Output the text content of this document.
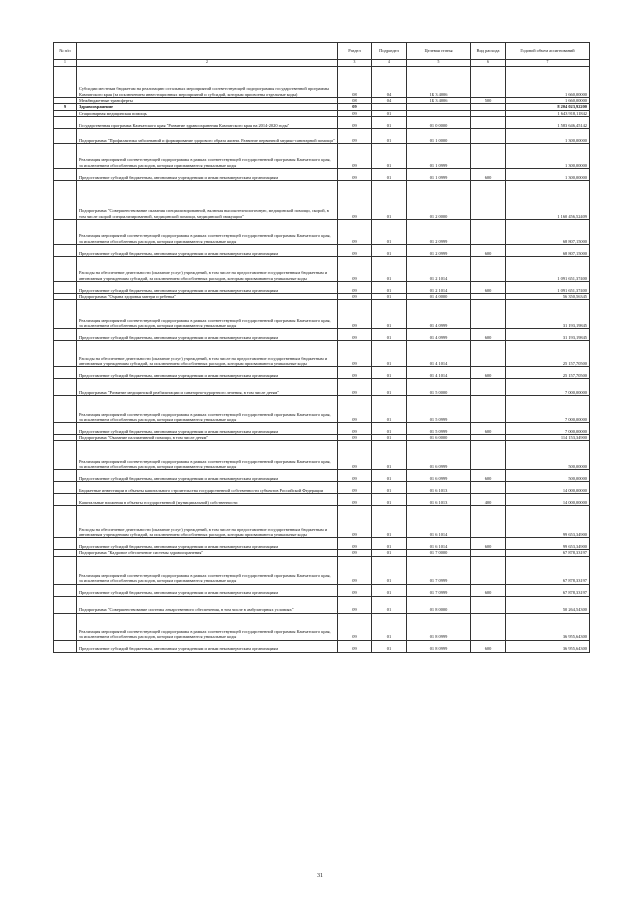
№ п/п		Раздел	Подраздел	Целевая статья	Вид расхода	Годовой объем ассигнований
1	2	3	4	5	6	7
	Субсидии местным бюджетам на реализацию остальных мероприятий соответствующей подпрограммы государственной программы Камчатского края (за исключением инвестиционных мероприятий и субсидий, которым присвоены отдельные коды)	08	04	1Б 3 4006		1 660,00000
	Межбюджетные трансферты	08	04	1Б 3 4006	500	1 660,00000
9	Здравоохранение	09				8 204 023,92200
	Стационарная медицинская помощь	09	01			1 643 918,11842
	Государственная программа Камчатского края "Развитие здравоохранения Камчатского края на 2014-2020 годы"	09	01	01 0 0000		1 583 646,45142
	Подпрограмма "Профилактика заболеваний и формирование здорового образа жизни. Развитие первичной медико-санитарной помощи"	09	01	01 1 0000		1 300,00000
	Реализация мероприятий соответствующей подпрограммы в рамках соответствующей государственной программы Камчатского края, за исключением обособленных расходов, которым присваиваются уникальные коды	09	01	01 1 0999		1 300,00000
	Предоставление субсидий бюджетным, автономным учреждениям и иным некоммерческим организациям	09	01	01 1 0999	600	1 300,00000
	Подпрограмма "Совершенствование оказания специализированной, включая высокотехнологичную, медицинской помощи, скорой, в том числе скорой специализированной, медицинской помощи, медицинской эвакуации"	09	01	01 2 0000		1 160 456,52409
	Реализация мероприятий соответствующей подпрограммы в рамках соответствующей государственной программы Камчатского края, за исключением обособленных расходов, которым присваиваются уникальные коды	09	01	01 2 0999		68 807,15000
	Предоставление субсидий бюджетным, автономным учреждениям и иным некоммерческим организациям	09	01	01 2 0999	600	68 807,15000
	Расходы на обеспечение деятельности (оказание услуг) учреждений, в том числе на предоставление государственным бюджетным и автономным учреждениям субсидий, за исключением обособленных расходов, которым присваиваются уникальные коды	09	01	01 2 1014		1 091 651,37400
	Предоставление субсидий бюджетным, автономным учреждениям и иным некоммерческим организациям	09	01	01 2 1014	600	1 091 651,37400
	Подпрограмма "Охрана здоровья матери и ребенка"	09	01	01 4 0000		56 350,56345
	Реализация мероприятий соответствующей подпрограммы в рамках соответствующей государственной программы Камчатского края, за исключением обособленных расходов, которым присваиваются уникальные коды	09	01	01 4 0999		31 193,19845
	Предоставление субсидий бюджетным, автономным учреждениям и иным некоммерческим организациям	09	01	01 4 0999	600	31 193,19845
	Расходы на обеспечение деятельности (оказание услуг) учреждений, в том числе на предоставление государственным бюджетным и автономным учреждениям субсидий, за исключением обособленных расходов, которым присваиваются уникальные коды	09	01	01 4 1014		25 157,70500
	Предоставление субсидий бюджетным, автономным учреждениям и иным некоммерческим организациям	09	01	01 4 1014	600	25 157,70500
	Подпрограмма "Развитие медицинской реабилитации и санаторно-курортного лечения, в том числе детям"	09	01	01 5 0000		7 000,00000
	Реализация мероприятий соответствующей подпрограммы в рамках соответствующей государственной программы Камчатского края, за исключением обособленных расходов, которым присваиваются уникальные коды	09	01	01 5 0999		7 000,00000
	Предоставление субсидий бюджетным, автономным учреждениям и иным некоммерческим организациям	09	01	01 5 0999	600	7 000,00000
	Подпрограмма "Оказание паллиативной помощи, в том числе детям"	09	01	01 6 0000		114 153,34900
	Реализация мероприятий соответствующей подпрограммы в рамках соответствующей государственной программы Камчатского края, за исключением обособленных расходов, которым присваиваются уникальные коды	09	01	01 6 0999		500,00000
	Предоставление субсидий бюджетным, автономным учреждениям и иным некоммерческим организациям	09	01	01 6 0999	600	500,00000
	Бюджетные инвестиции в объекты капитального строительства государственной собственности субъектов Российской Федерации	09	01	01 6 1013		14 000,00000
	Капитальные вложения в объекты государственной (муниципальной) собственности	09	01	01 6 1013	400	14 000,00000
	Расходы на обеспечение деятельности (оказание услуг) учреждений, в том числе на предоставление государственным бюджетным и автономным учреждениям субсидий, за исключением обособленных расходов, которым присваиваются уникальные коды	09	01	01 6 1014		99 653,34900
	Предоставление субсидий бюджетным, автономным учреждениям и иным некоммерческим организациям	09	01	01 6 1014	600	99 653,34900
	Подпрограмма "Кадровое обеспечение системы здравоохранения"	09	01	01 7 0000		67 878,33197
	Реализация мероприятий соответствующей подпрограммы в рамках соответствующей государственной программы Камчатского края, за исключением обособленных расходов, которым присваиваются уникальные коды	09	01	01 7 0999		67 878,33197
	Предоставление субсидий бюджетным, автономным учреждениям и иным некоммерческим организациям	09	01	01 7 0999	600	67 878,33197
	Подпрограмма "Совершенствование системы лекарственного обеспечения, в том числе в амбулаторных условиях"	09	01	01 8 0000		50 264,54300
	Реализация мероприятий соответствующей подпрограммы в рамках соответствующей государственной программы Камчатского края, за исключением обособленных расходов, которым присваиваются уникальные коды	09	01	01 8 0999		36 955,64300
	Предоставление субсидий бюджетным, автономным учреждениям и иным некоммерческим организациям	09	01	01 8 0999	600	36 955,64300
31
